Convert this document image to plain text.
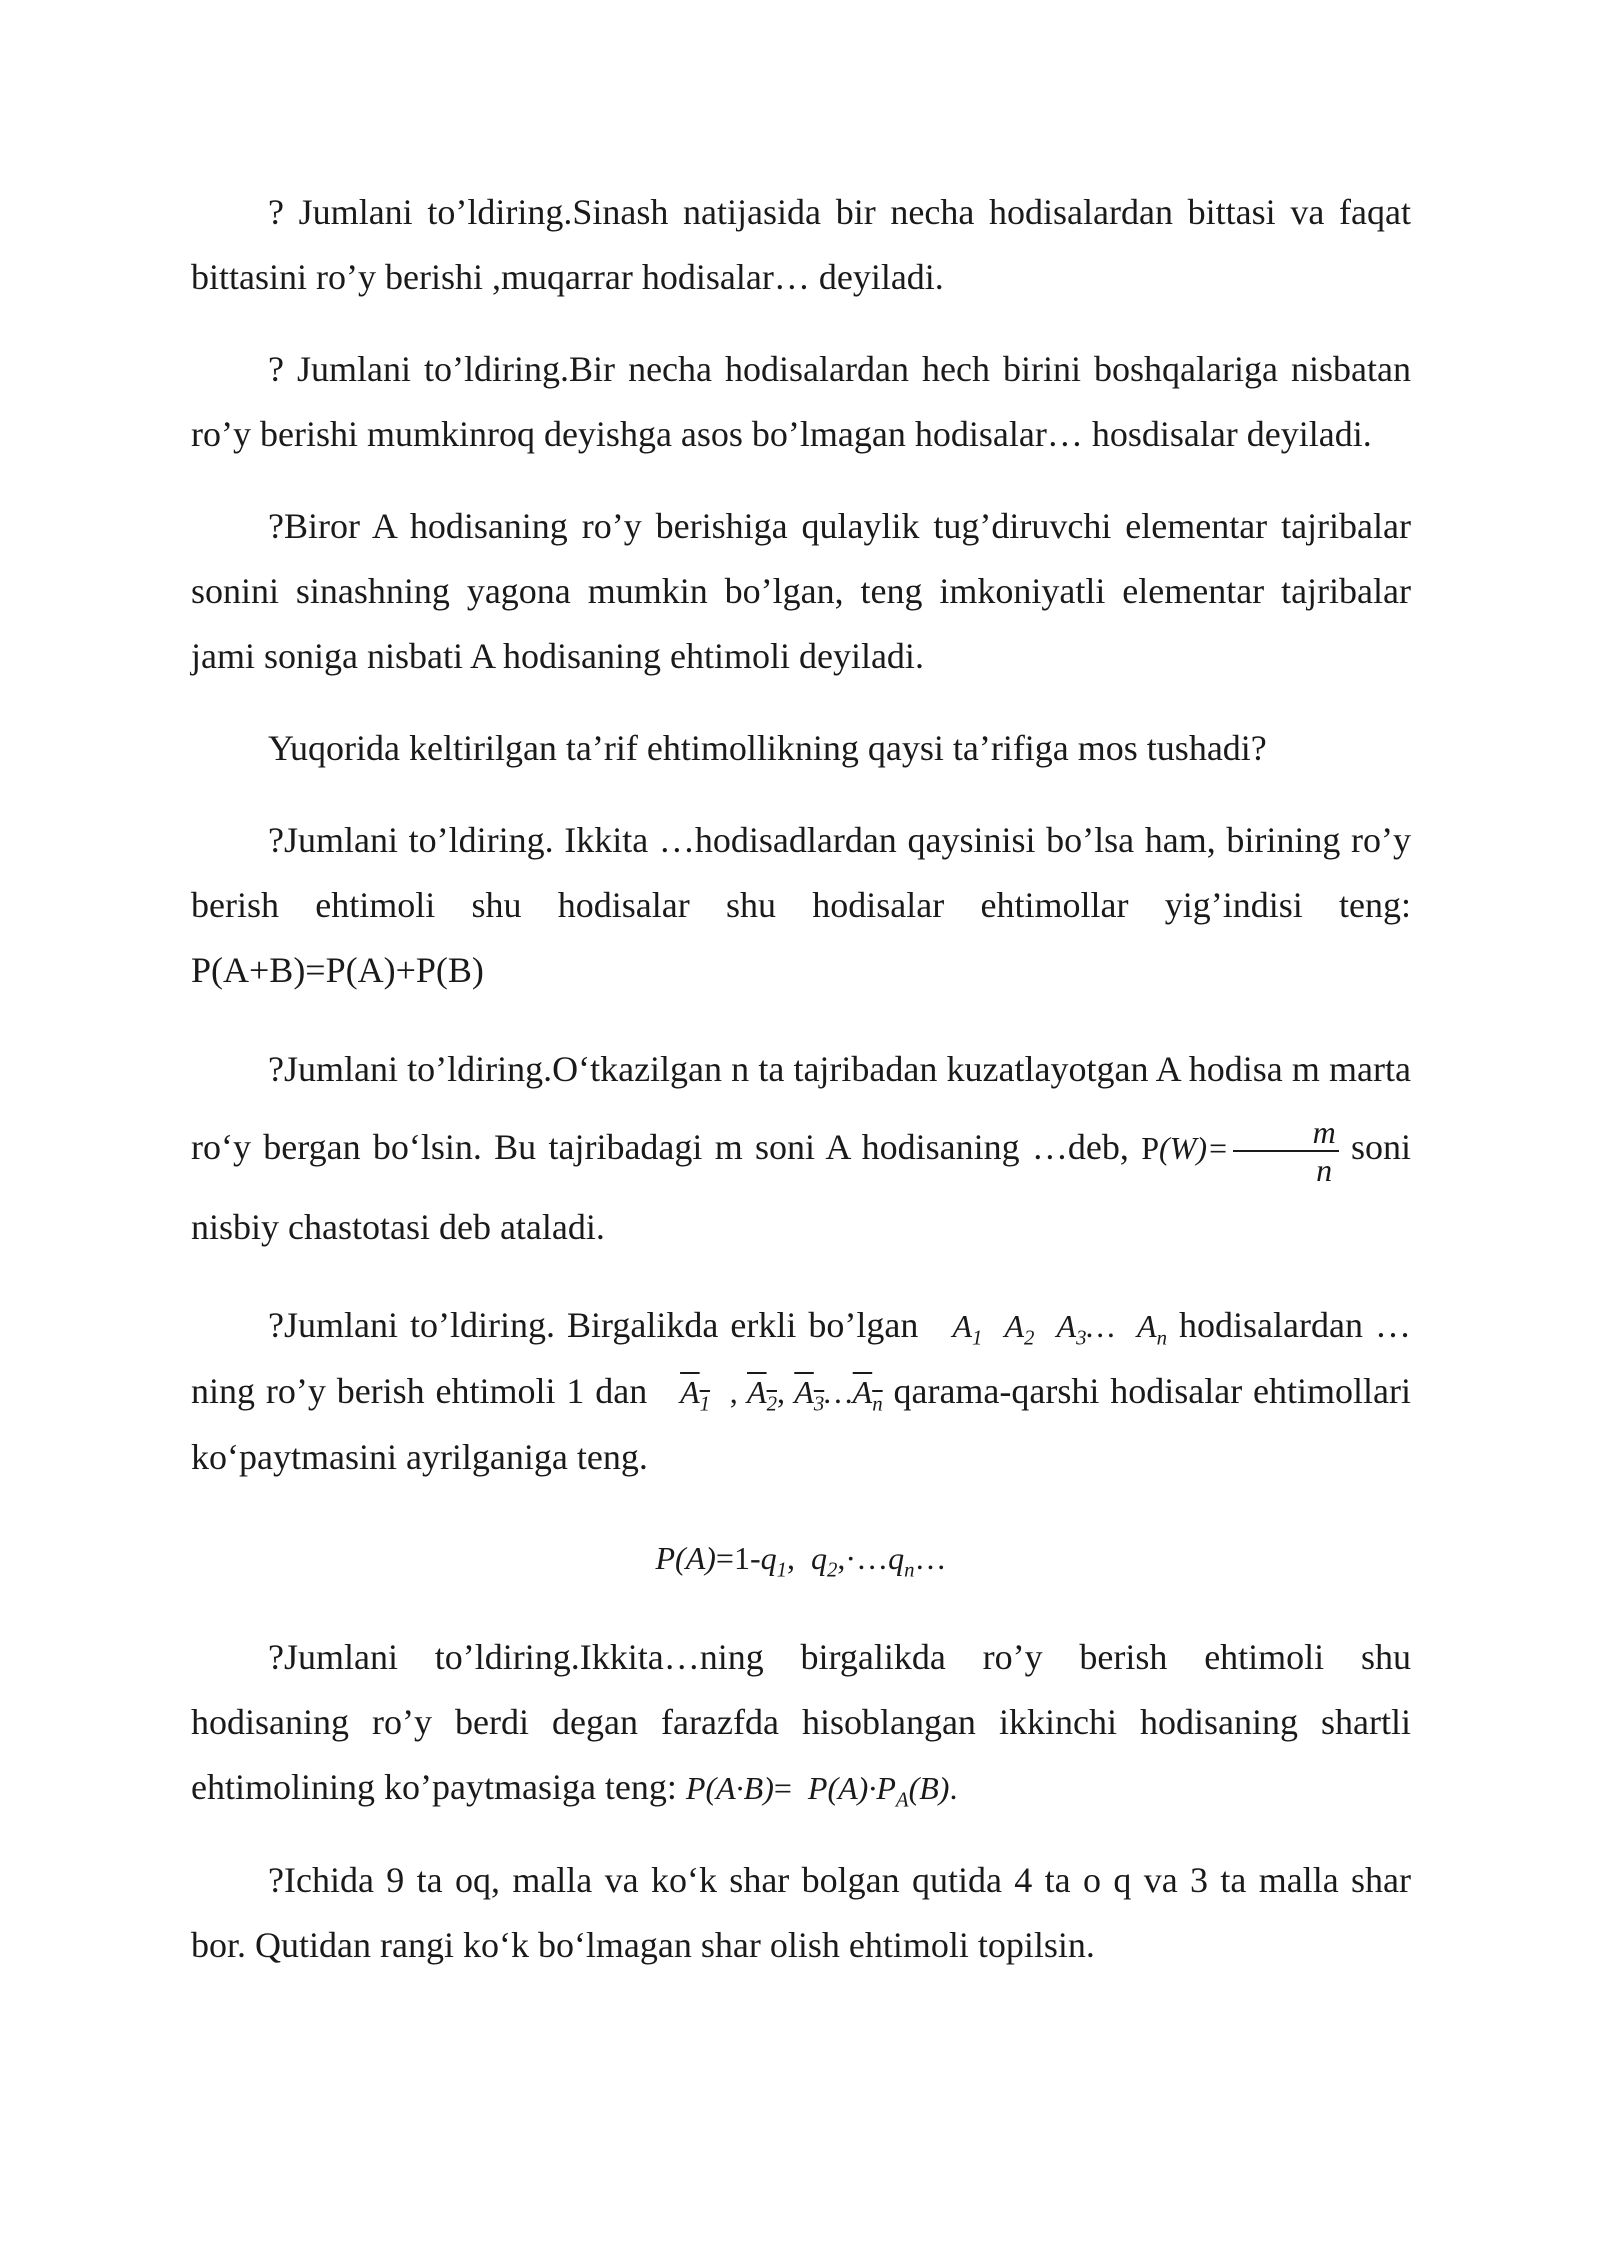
? Jumlani to’ldiring.Sinash natijasida bir necha hodisalardan bittasi va faqat bittasini ro’y berishi ,muqarrar hodisalar… deyiladi.

? Jumlani to’ldiring.Bir necha hodisalardan hech birini boshqalariga nisbatan ro’y berishi mumkinroq deyishga asos bo’lmagan hodisalar… hosdisalar deyiladi.

?Biror A hodisaning ro’y berishiga qulaylik tug’diruvchi elementar tajribalar sonini sinashning yagona mumkin bo’lgan, teng imkoniyatli elementar tajribalar jami soniga nisbati A hodisaning ehtimoli deyiladi.

Yuqorida keltirilgan ta’rif ehtimollikning qaysi ta’rifiga mos tushadi?

?Jumlani to’ldiring. Ikkita …hodisadlardan qaysinisi bo’lsa ham, birining ro’y berish ehtimoli shu hodisalar shu hodisalar ehtimollar yig’indisi teng: P(A+B)=P(A)+P(B)

?Jumlani to’ldiring.O‘tkazilgan n ta tajribadan kuzatlayotgan A hodisa m marta ro‘y bergan bo‘lsin. Bu tajribadagi m soni A hodisaning …deb, $P(W)= \frac{m}{n}$ soni nisbiy chastotasi deb ataladi.

?Jumlani to’ldiring. Birgalikda erkli bo’lgan $A_1$  $A_2$  $A_3\dots$  $A_n$ hodisalardan …ning ro’y berish ehtimoli 1 dan $A_1$ , $A_2$, $A_3\dots A_n$ qarama-qarshi hodisalar ehtimollari ko‘paytmasini ayrilganiga teng.

$P(A)=1-q_1$,  $q_2,\cdot\dots q_n\dots$

?Jumlani to’ldiring.Ikkita…ning birgalikda ro’y berish ehtimoli shu hodisaning ro’y berdi degan farazfda hisoblangan ikkinchi hodisaning shartli ehtimolining ko’paytmasiga teng: $P(A\cdot B)= P(A)\cdot P_A(B)$.

?Ichida 9 ta oq, malla va ko‘k shar bolgan qutida 4 ta o q va 3 ta malla shar bor. Qutidan rangi ko‘k bo‘lmagan shar olish ehtimoli topilsin.
